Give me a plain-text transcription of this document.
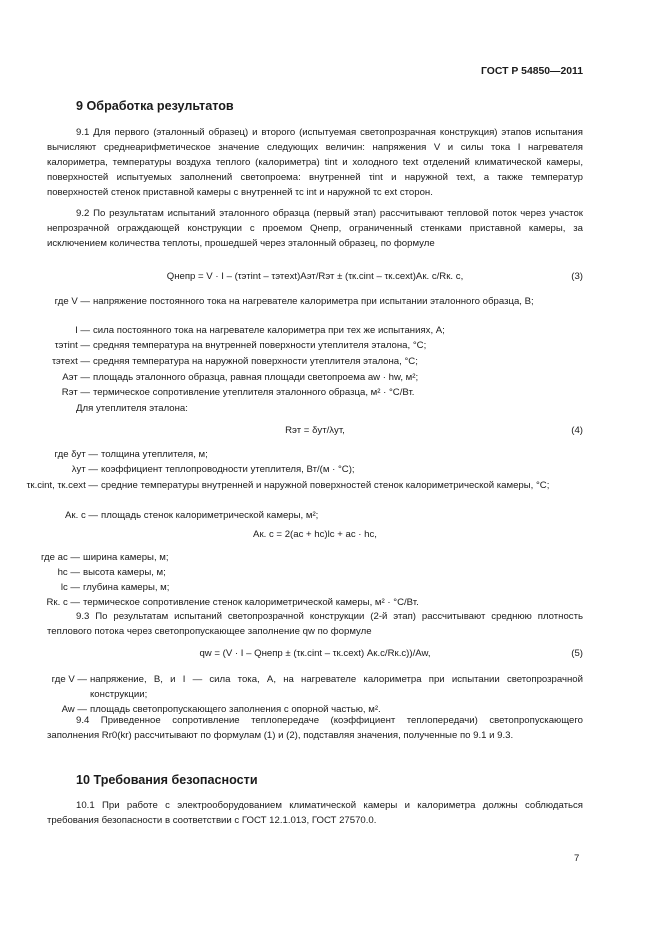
ГОСТ Р 54850—2011
9 Обработка результатов

9.1 Для первого (эталонный образец) и второго (испытуемая светопрозрачная конструкция) этапов испытания вычисляют среднеарифметическое значение следующих величин: напряжения V и силы тока I нагревателя калориметра, температуры воздуха теплого (калориметра) tint и холодного text отделений климатической камеры, поверхностей испытуемых заполнений светопроема: внутренней τint и наружной τext, а также температур поверхностей стенок приставной камеры с внутренней τc int и наружной τc ext сторон.

9.2 По результатам испытаний эталонного образца (первый этап) рассчитывают тепловой поток через участок непрозрачной ограждающей конструкции с проемом Qнепр, ограниченный стенками приставной камеры, за исключением количества теплоты, прошедшей через эталонный образец, по формуле

Qнепр = V · I – (τэтint – τэтext)Aэт/Rэт ± (τк.сint – τк.сext)Aк. с/Rк. с,	(3)
где V — напряжение постоянного тока на нагревателе калориметра при испытании эталонного образца, В;
I — сила постоянного тока на нагревателе калориметра при тех же испытаниях, А;
τэтint — средняя температура на внутренней поверхности утеплителя эталона, °С;
τэтext — средняя температура на наружной поверхности утеплителя эталона, °С;
Aэт — площадь эталонного образца, равная площади светопроема aw · hw, м²;
Rэт — термическое сопротивление утеплителя эталонного образца, м² · °С/Вт.

Для утеплителя эталона:

Rэт = δут/λут,	(4)
где δут — толщина утеплителя, м;
λут — коэффициент теплопроводности утеплителя, Вт/(м · °С);
τк.сint, τк.сext — средние температуры внутренней и наружной поверхностей стенок калориметрической камеры, °С;
Aк. с — площадь стенок калориметрической камеры, м²;
Aк. с = 2(ac + hc)lc + ac · hc,
где ac — ширина камеры, м;
hc — высота камеры, м;
lc — глубина камеры, м;
Rк. с — термическое сопротивление стенок калориметрической камеры, м² · °С/Вт.

9.3 По результатам испытаний светопрозрачной конструкции (2-й этап) рассчитывают среднюю плотность теплового потока через светопропускающее заполнение qw по формуле

qw = (V · I – Qнепр ± (τк.сint – τк.сext) Aк.с/Rк.с))/Aw,	(5)
где V — напряжение, В, и I — сила тока, А, на нагревателе калориметра при испытании светопрозрачной конструкции;
Aw — площадь светопропускающего заполнения с опорной частью, м².

9.4 Приведенное сопротивление теплопередаче (коэффициент теплопередачи) светопропускающего заполнения Rr0(kr) рассчитывают по формулам (1) и (2), подставляя значения, полученные по 9.1 и 9.3.

10 Требования безопасности

10.1 При работе с электрооборудованием климатической камеры и калориметра должны соблюдаться требования безопасности в соответствии с ГОСТ 12.1.013, ГОСТ 27570.0.

7
